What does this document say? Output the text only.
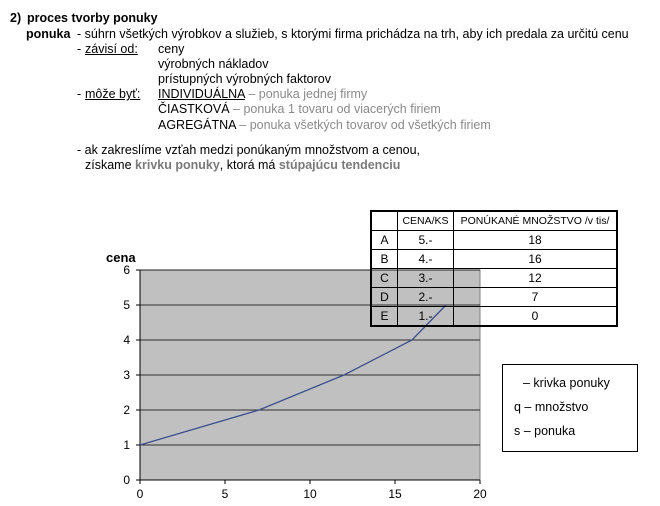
2) proces tvorby ponuky
ponuka - súhrn všetkých výrobkov a služieb, s ktorými firma prichádza na trh, aby ich predala za určitú cenu
- závisí od: ceny
výrobných nákladov
prístupných výrobných faktorov
- môže byť: INDIVIDUÁLNA – ponuka jednej firmy
ČIASTKOVÁ – ponuka 1 tovaru od viacerých firiem
AGREGÁTNA – ponuka všetkých tovarov od všetkých firiem
- ak zakreslíme vzťah medzi ponúkaným množstvom a cenou,
získame krivku ponuky, ktorá má stúpajúcu tendenciu
0	5	10	15	20
0
1
2
3
4
5
6
cena
	CENA/KS	PONÚKANÉ MNOŽSTVO /v tis/
A	5.-	18
B	4.-	16
C	3.-	12
D	2.-	7
E	1.-	0
– krivka ponuky
q – množstvo
s – ponuka
